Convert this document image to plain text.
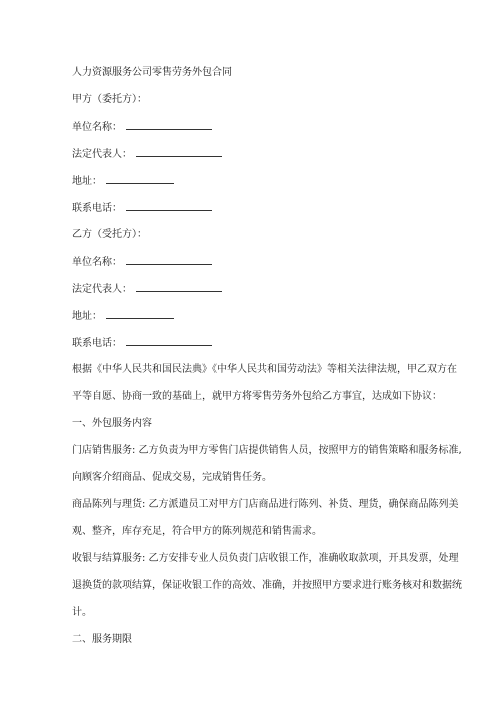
人力资源服务公司零售劳务外包合同

甲方（委托方）：

单位名称：

法定代表人：

地址：

联系电话：

乙方（受托方）：

单位名称：

法定代表人：

地址：

联系电话：

根据《中华人民共和国民法典》《中华人民共和国劳动法》等相关法律法规，甲乙双方在

平等自愿、协商一致的基础上，就甲方将零售劳务外包给乙方事宜，达成如下协议：

一、外包服务内容

门店销售服务: 乙方负责为甲方零售门店提供销售人员，按照甲方的销售策略和服务标准,

向顾客介绍商品、促成交易，完成销售任务。

商品陈列与理货: 乙方派遣员工对甲方门店商品进行陈列、补货、理货，确保商品陈列美

观、整齐，库存充足，符合甲方的陈列规范和销售需求。

收银与结算服务: 乙方安排专业人员负责门店收银工作，准确收取款项，开具发票，处理

退换货的款项结算，保证收银工作的高效、准确，并按照甲方要求进行账务核对和数据统

计。

二、服务期限
